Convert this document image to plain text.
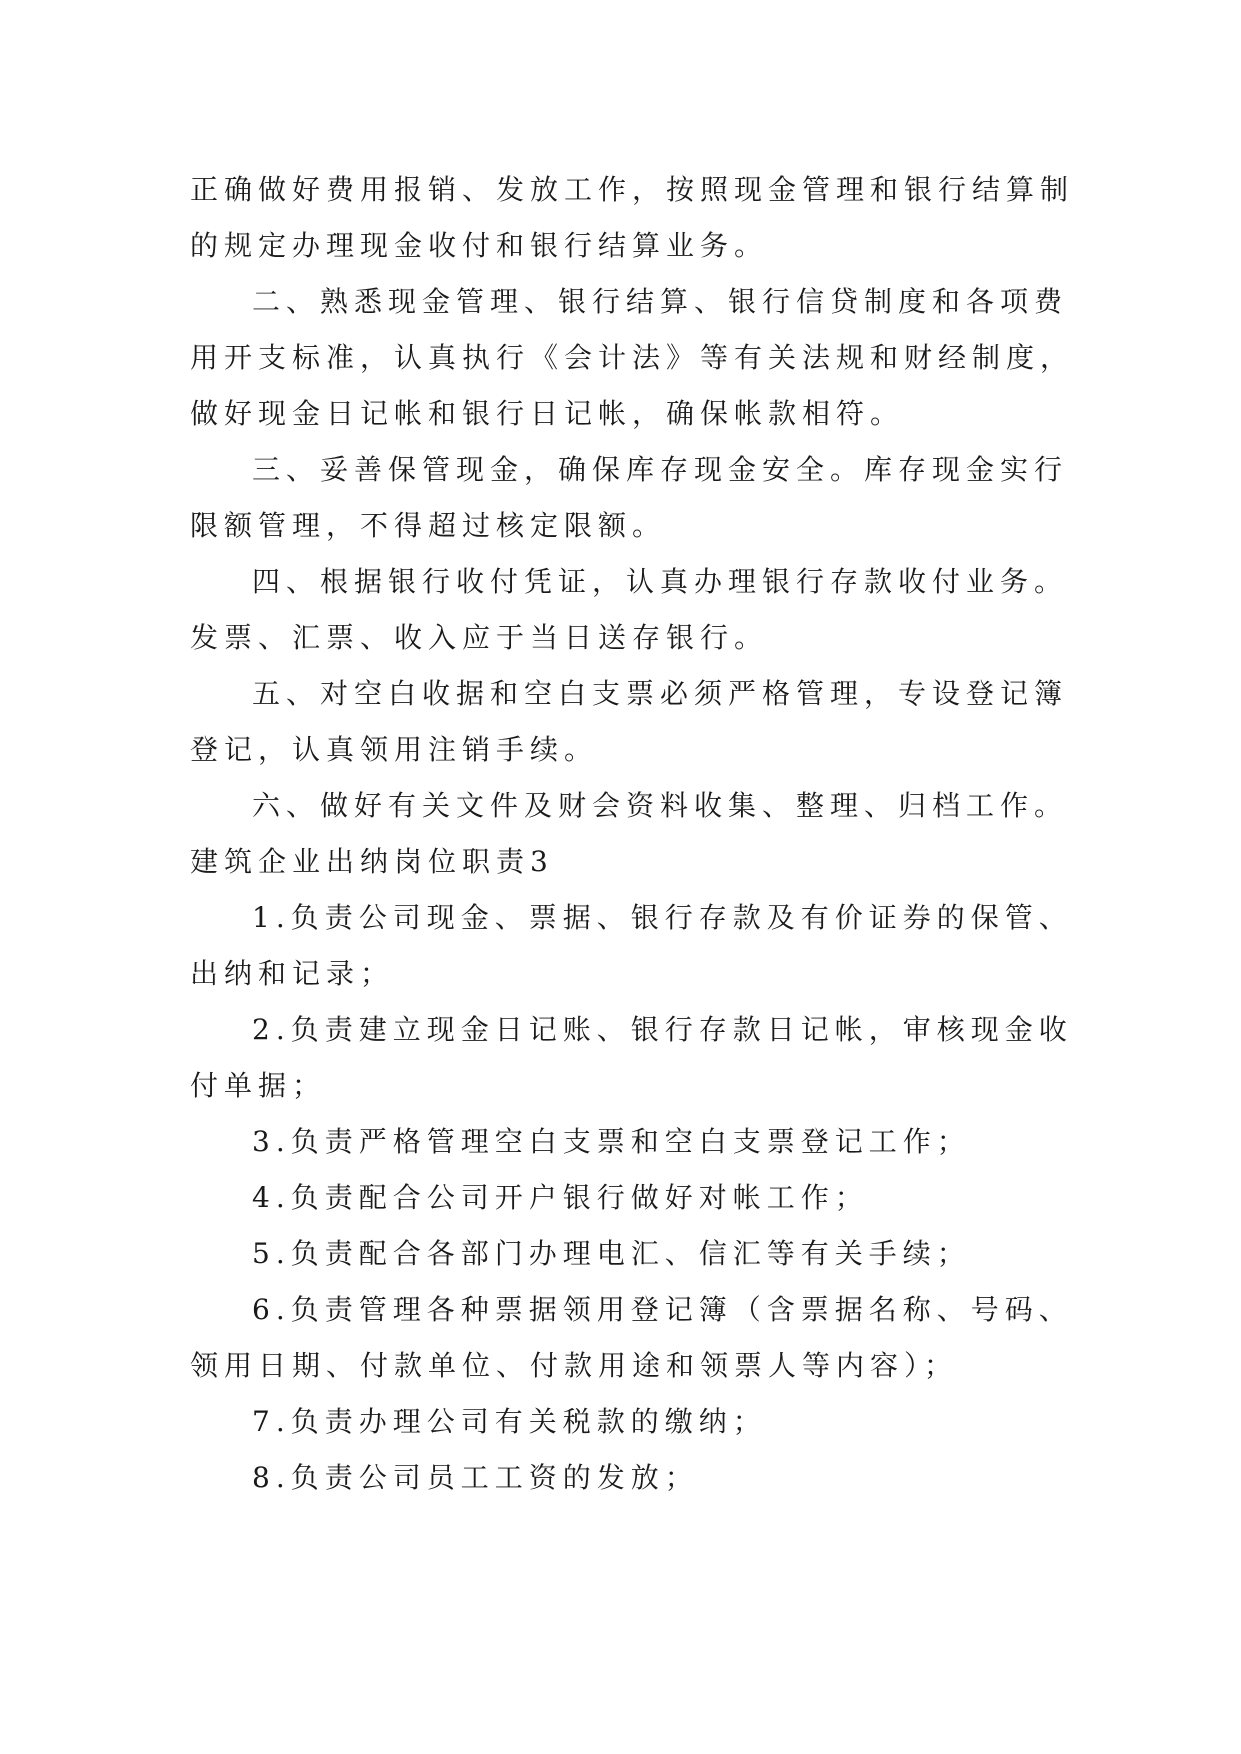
正确做好费用报销、发放工作，按照现金管理和银行结算制
的规定办理现金收付和银行结算业务。
二、熟悉现金管理、银行结算、银行信贷制度和各项费
用开支标准，认真执行《会计法》等有关法规和财经制度，
做好现金日记帐和银行日记帐，确保帐款相符。
三、妥善保管现金，确保库存现金安全。库存现金实行
限额管理，不得超过核定限额。
四、根据银行收付凭证，认真办理银行存款收付业务。
发票、汇票、收入应于当日送存银行。
五、对空白收据和空白支票必须严格管理，专设登记簿
登记，认真领用注销手续。
六、做好有关文件及财会资料收集、整理、归档工作。
建筑企业出纳岗位职责3
1.负责公司现金、票据、银行存款及有价证券的保管、
出纳和记录；
2.负责建立现金日记账、银行存款日记帐，审核现金收
付单据；
3.负责严格管理空白支票和空白支票登记工作；
4.负责配合公司开户银行做好对帐工作；
5.负责配合各部门办理电汇、信汇等有关手续；
6.负责管理各种票据领用登记簿（含票据名称、号码、
领用日期、付款单位、付款用途和领票人等内容）；
7.负责办理公司有关税款的缴纳；
8.负责公司员工工资的发放；
